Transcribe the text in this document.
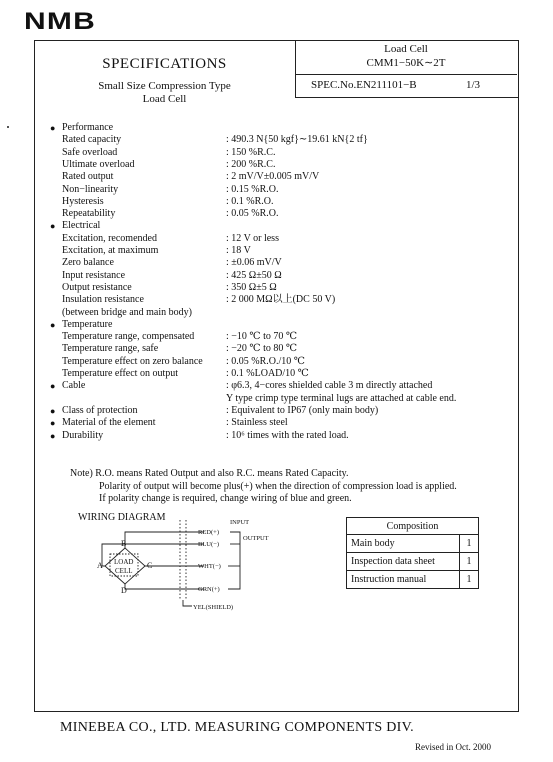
NMB
SPECIFICATIONS
Small Size Compression Type
Load Cell
Load Cell
CMM1−50K∼2T
SPEC.No.EN211101−B	1/3
● Performance
Rated capacity	: 490.3 N{50 kgf}∼19.61 kN{2 tf}
Safe overload	: 150 %R.C.
Ultimate overload	: 200 %R.C.
Rated output	: 2 mV/V±0.005 mV/V
Non−linearity	: 0.15 %R.O.
Hysteresis	: 0.1 %R.O.
Repeatability	: 0.05 %R.O.
● Electrical
Excitation, recomended	: 12 V or less
Excitation, at maximum	: 18 V
Zero balance	: ±0.06 mV/V
Input resistance	: 425 Ω±50 Ω
Output resistance	: 350 Ω±5 Ω
Insulation resistance	: 2 000 MΩ以上(DC 50 V)
(between bridge and main body)
● Temperature
Temperature range, compensated	: −10 ℃ to 70 ℃
Temperature range, safe	: −20 ℃ to 80 ℃
Temperature effect on zero balance : 0.05 %R.O./10 ℃
Temperature effect on output	: 0.1 %LOAD/10 ℃
● Cable	: φ6.3, 4−cores shielded cable 3 m directly attached
Y type crimp type terminal lugs are attached at cable end.
● Class of protection	: Equivalent to IP67 (only main body)
● Material of the element	: Stainless steel
● Durability	: 10⁶ times with the rated load.
Note) R.O. means Rated Output and also R.C. means Rated Capacity.
Polarity of output will become plus(+) when the direction of compression load is applied.
If polarity change is required, change wiring of blue and green.
WIRING DIAGRAM	INPUT
OUTPUT
RED(+)
BLU(−)
WHT(−)
GRN(+)
YEL(SHIELD)
A
B
C
D
LOAD
CELL
Composition	
Main body	1
Inspection data sheet	1
Instruction manual	1
MINEBEA CO., LTD. MEASURING COMPONENTS DIV.
Revised in Oct. 2000
